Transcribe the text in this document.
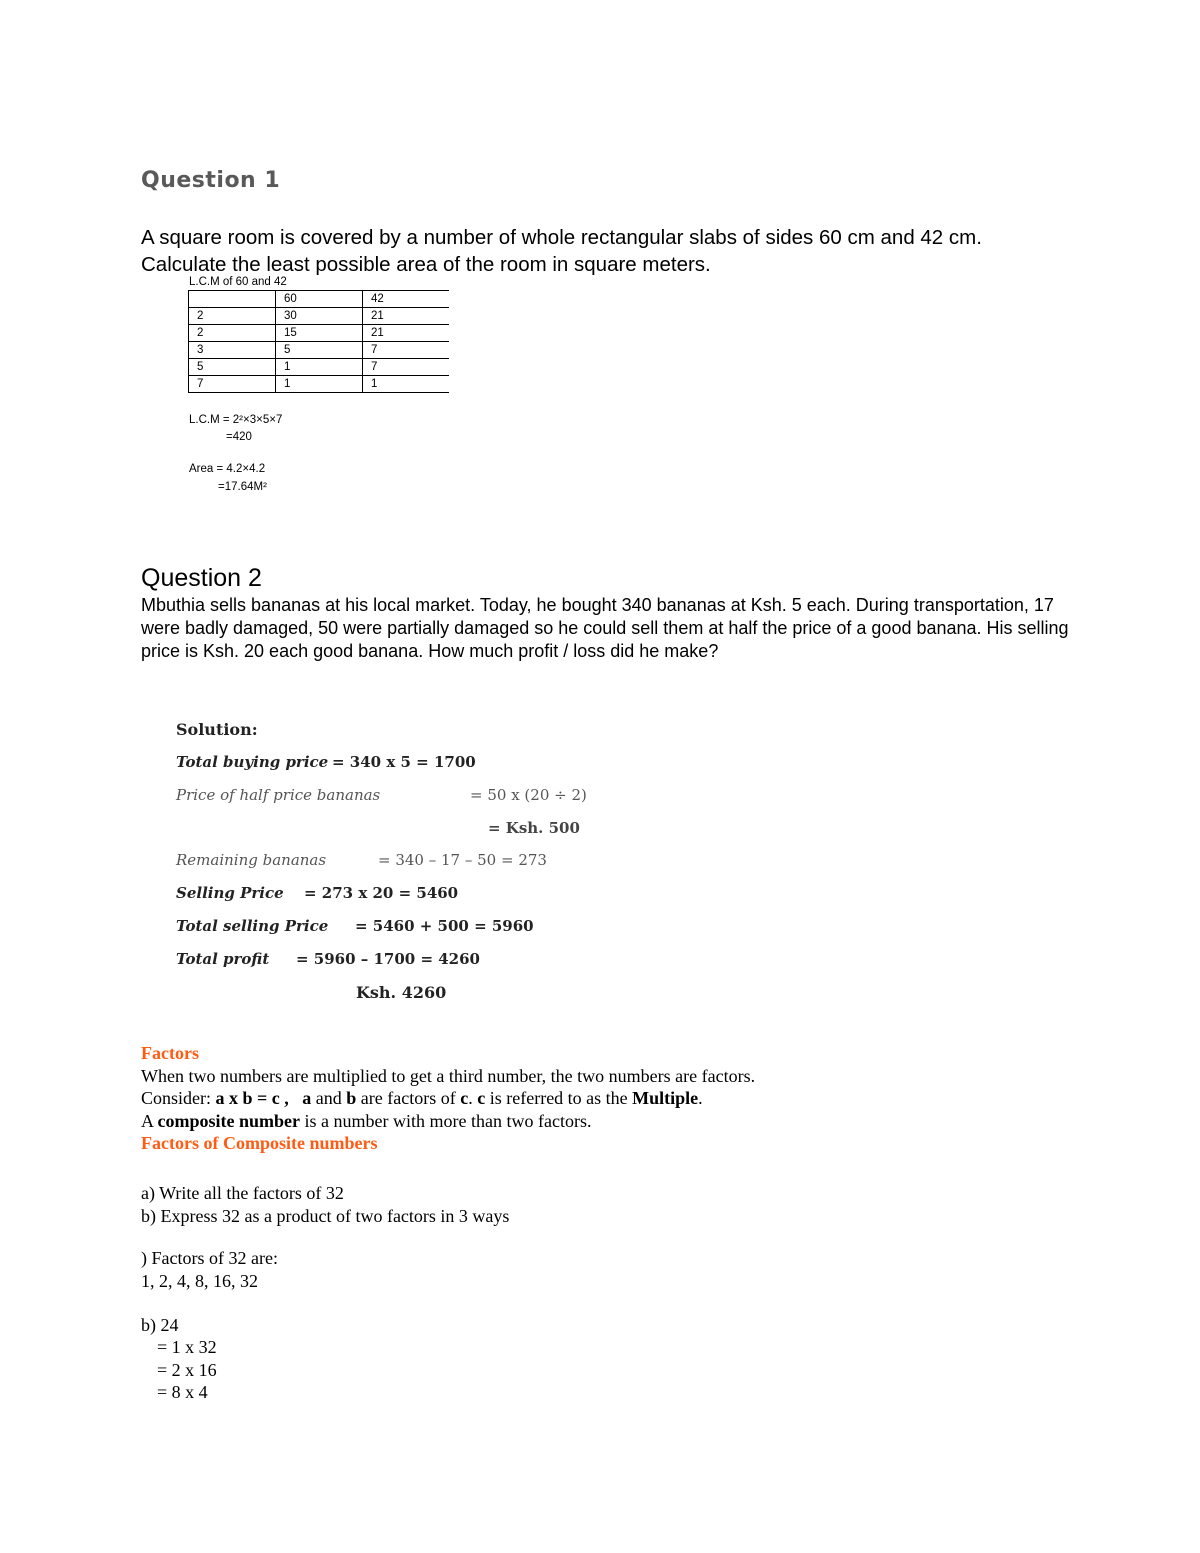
Question 1
A square room is covered by a number of whole rectangular slabs of sides 60 cm and 42 cm. Calculate the least possible area of the room in square meters.
L.C.M of 60 and 42
	60	42
2	30	21
2	15	21
3	5	7
5	1	7
7	1	1
L.C.M = 2²×3×5×7
=420
Area = 4.2×4.2
=17.64M²
Question 2
Mbuthia sells bananas at his local market. Today, he bought 340 bananas at Ksh. 5 each. During transportation, 17 were badly damaged, 50 were partially damaged so he could sell them at half the price of a good banana. His selling price is Ksh. 20 each good banana. How much profit / loss did he make?
Solution:
Total buying price = 340 x 5 = 1700
Price of half price bananas	= 50 x (20 ÷ 2)
= Ksh. 500
Remaining bananas	= 340 – 17 – 50 = 273
Selling Price = 273 x 20 = 5460
Total selling Price = 5460 + 500 = 5960
Total profit = 5960 – 1700 = 4260
Ksh. 4260
Factors
When two numbers are multiplied to get a third number, the two numbers are factors.
Consider: a x b = c , a and b are factors of c. c is referred to as the Multiple.
A composite number is a number with more than two factors.
Factors of Composite numbers
a) Write all the factors of 32
b) Express 32 as a product of two factors in 3 ways
) Factors of 32 are:
1, 2, 4, 8, 16, 32
b) 24
= 1 x 32
= 2 x 16
= 8 x 4
